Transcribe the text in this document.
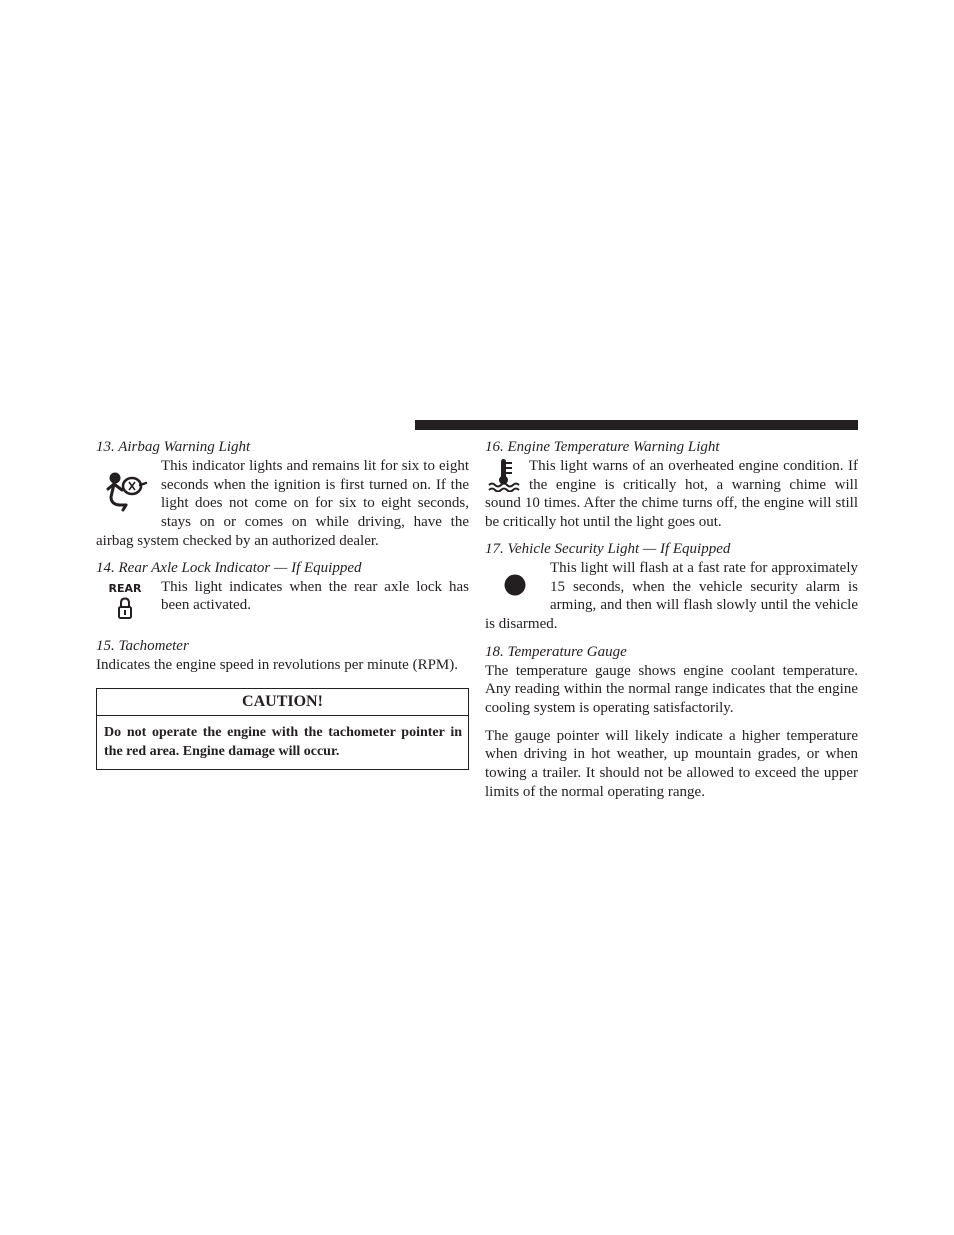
13. Airbag Warning Light

This indicator lights and remains lit for six to eight seconds when the ignition is first turned on. If the light does not come on for six to eight seconds, stays on or comes on while driving, have the airbag system checked by an authorized dealer.

14. Rear Axle Lock Indicator — If Equipped
REAR	This light indicates when the rear axle lock has been activated.

15. Tachometer

Indicates the engine speed in revolutions per minute (RPM).

CAUTION!
Do not operate the engine with the tachometer pointer in the red area. Engine damage will occur.
16. Engine Temperature Warning Light

This light warns of an overheated engine condition. If the engine is critically hot, a warning chime will sound 10 times. After the chime turns off, the engine will still be critically hot until the light goes out.

17. Vehicle Security Light — If Equipped

This light will flash at a fast rate for approximately 15 seconds, when the vehicle security alarm is arming, and then will flash slowly until the vehicle is disarmed.

18. Temperature Gauge

The temperature gauge shows engine coolant temperature. Any reading within the normal range indicates that the engine cooling system is operating satisfactorily.

The gauge pointer will likely indicate a higher temperature when driving in hot weather, up mountain grades, or when towing a trailer. It should not be allowed to exceed the upper limits of the normal operating range.
